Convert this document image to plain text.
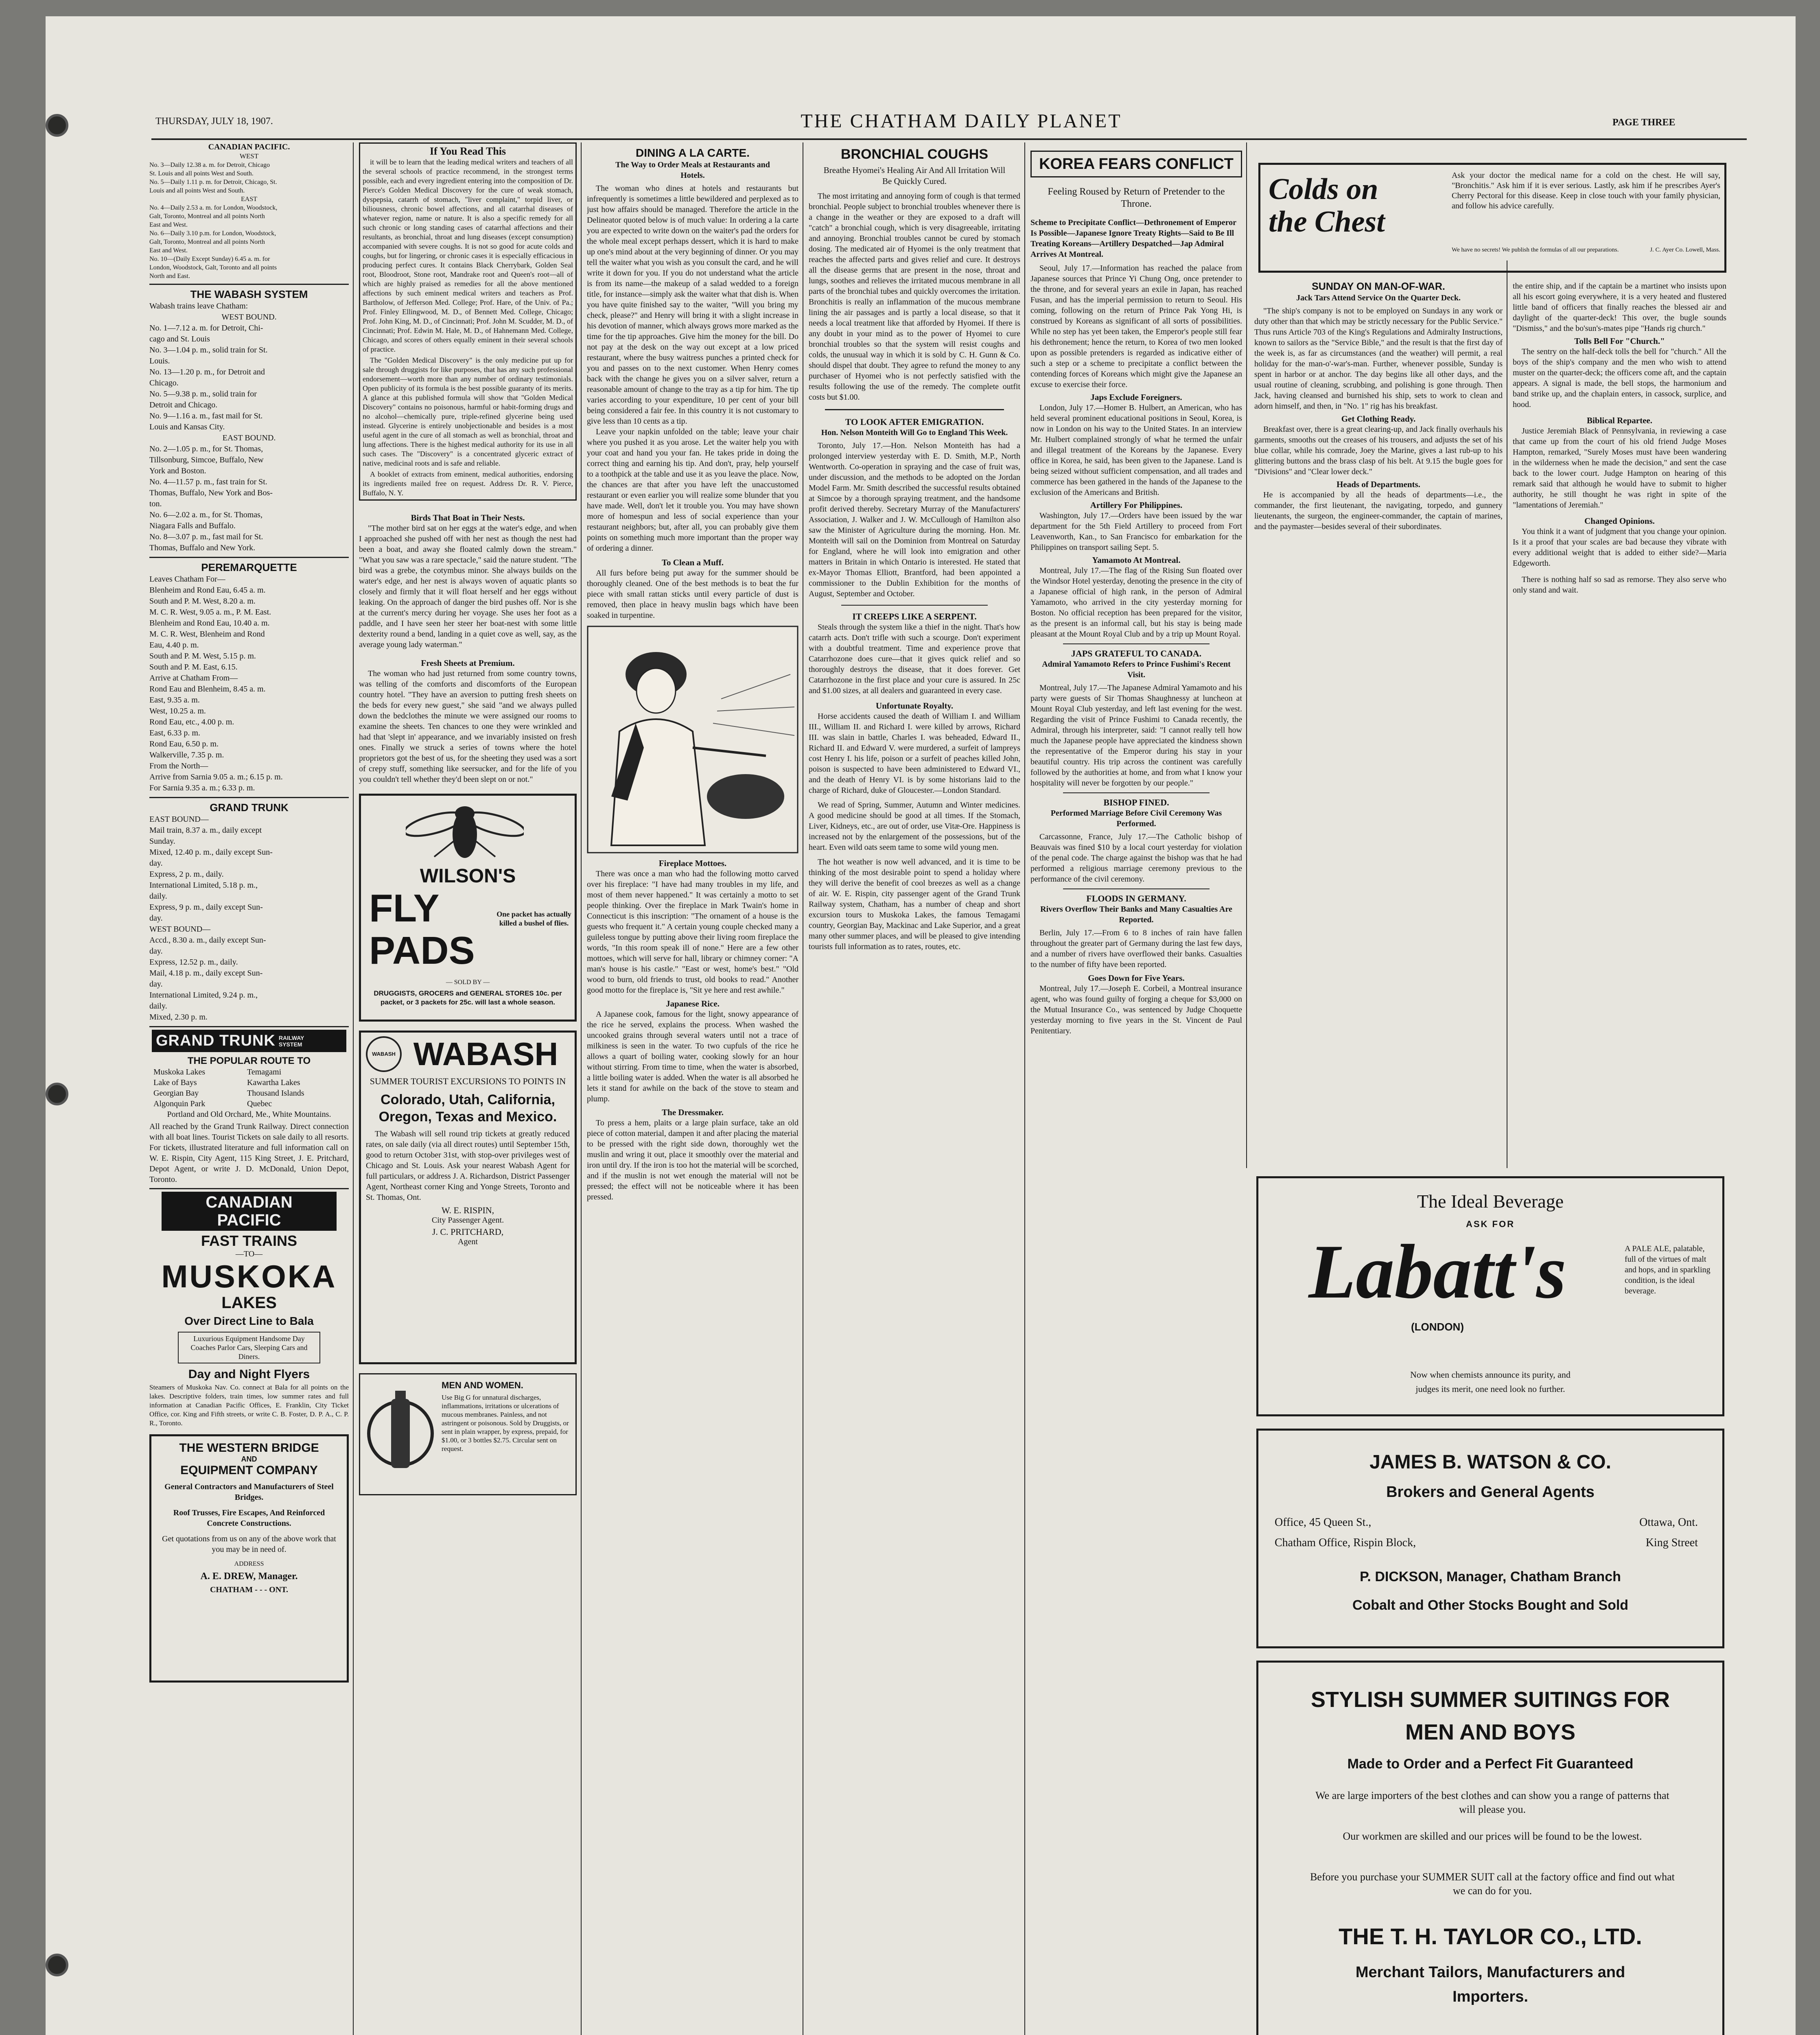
THURSDAY, JULY 18, 1907.	THE CHATHAM DAILY PLANET	PAGE THREE
CANADIAN PACIFIC.
WEST
No. 3—Daily 12.38 a. m. for Detroit, Chicago
St. Louis and all points West and South.
No. 5—Daily 1.11 p. m. for Detroit, Chicago, St.
Louis and all points West and South.
EAST
No. 4—Daily 2.53 a. m. for London, Woodstock,
Galt, Toronto, Montreal and all points North
East and West.
No. 6—Daily 3.10 p.m. for London, Woodstock,
Galt, Toronto, Montreal and all points North
East and West.
No. 10—(Daily Except Sunday) 6.45 a. m. for
London, Woodstock, Galt, Toronto and all points
North and East.
THE WABASH SYSTEM
Wabash trains leave Chatham:
WEST BOUND.
No. 1—7.12 a. m. for Detroit, Chi-
cago and St. Louis
No. 3—1.04 p. m., solid train for St.
Louis.
No. 13—1.20 p. m., for Detroit and
Chicago.
No. 5—9.38 p. m., solid train for
Detroit and Chicago.
No. 9—1.16 a. m., fast mail for St.
Louis and Kansas City.
EAST BOUND.
No. 2—1.05 p. m., for St. Thomas,
Tillsonburg, Simcoe, Buffalo, New
York and Boston.
No. 4—11.57 p. m., fast train for St.
Thomas, Buffalo, New York and Bos-
ton.
No. 6—2.02 a. m., for St. Thomas,
Niagara Falls and Buffalo.
No. 8—3.07 p. m., fast mail for St.
Thomas, Buffalo and New York.
PEREMARQUETTE
Leaves Chatham For—
Blenheim and Rond Eau, 6.45 a. m.
South and P. M. West, 8.20 a. m.
M. C. R. West, 9.05 a. m., P. M. East.
Blenheim and Rond Eau, 10.40 a. m.
M. C. R. West, Blenheim and Rond
Eau, 4.40 p. m.
South and P. M. West, 5.15 p. m.
South and P. M. East, 6.15.
Arrive at Chatham From—
Rond Eau and Blenheim, 8.45 a. m.
East, 9.35 a. m.
West, 10.25 a. m.
Rond Eau, etc., 4.00 p. m.
East, 6.33 p. m.
Rond Eau, 6.50 p. m.
Walkerville, 7.35 p. m.
From the North—
Arrive from Sarnia 9.05 a. m.; 6.15 p. m.
For Sarnia 9.35 a. m.; 6.33 p. m.
GRAND TRUNK
EAST BOUND—
Mail train, 8.37 a. m., daily except
Sunday.
Mixed, 12.40 p. m., daily except Sun-
day.
Express, 2 p. m., daily.
International Limited, 5.18 p. m.,
daily.
Express, 9 p. m., daily except Sun-
day.
WEST BOUND—
Accd., 8.30 a. m., daily except Sun-
day.
Express, 12.52 p. m., daily.
Mail, 4.18 p. m., daily except Sun-
day.
International Limited, 9.24 p. m.,
daily.
Mixed, 2.30 p. m.
GRAND TRUNK RAILWAY SYSTEM
THE POPULAR ROUTE TO
Muskoka Lakes
Lake of Bays
Georgian Bay
Algonquin Park
Temagami
Kawartha Lakes
Thousand Islands
Quebec
Portland and Old Orchard, Me., White Mountains.
All reached by the Grand Trunk Railway. Direct connection with all boat lines. Tourist Tickets on sale daily to all resorts. For tickets, illustrated literature and full information call on W. E. Rispin, City Agent, 115 King Street, J. E. Pritchard, Depot Agent, or write J. D. McDonald, Union Depot, Toronto.
CANADIAN
PACIFIC
FAST TRAINS
—TO—
MUSKOKA
LAKES
Over Direct Line to Bala
Luxurious Equipment Handsome Day Coaches Parlor Cars, Sleeping Cars and Diners.
Day and Night Flyers
Steamers of Muskoka Nav. Co. connect at Bala for all points on the lakes. Descriptive folders, train times, low summer rates and full information at Canadian Pacific Offices, E. Franklin, City Ticket Office, cor. King and Fifth streets, or write C. B. Foster, D. P. A., C. P. R., Toronto.
THE WESTERN BRIDGE
AND
EQUIPMENT COMPANY
General Contractors and Manufacturers of Steel Bridges.
Roof Trusses, Fire Escapes, And Reinforced Concrete Constructions.
Get quotations from us on any of the above work that you may be in need of.
ADDRESS
A. E. DREW, Manager.
CHATHAM - - - ONT.
If You Read This
it will be to learn that the leading medical writers and teachers of all the several schools of practice recommend, in the strongest terms possible, each and every ingredient entering into the composition of Dr. Pierce's Golden Medical Discovery for the cure of weak stomach, dyspepsia, catarrh of stomach, "liver complaint," torpid liver, or biliousness, chronic bowel affections, and all catarrhal diseases of whatever region, name or nature. It is also a specific remedy for all such chronic or long standing cases of catarrhal affections and their resultants, as bronchial, throat and lung diseases (except consumption) accompanied with severe coughs. It is not so good for acute colds and coughs, but for lingering, or chronic cases it is especially efficacious in producing perfect cures. It contains Black Cherrybark, Golden Seal root, Bloodroot, Stone root, Mandrake root and Queen's root—all of which are highly praised as remedies for all the above mentioned affections by such eminent medical writers and teachers as Prof. Bartholow, of Jefferson Med. College; Prof. Hare, of the Univ. of Pa.; Prof. Finley Ellingwood, M. D., of Bennett Med. College, Chicago; Prof. John King, M. D., of Cincinnati; Prof. John M. Scudder, M. D., of Cincinnati; Prof. Edwin M. Hale, M. D., of Hahnemann Med. College, Chicago, and scores of others equally eminent in their several schools of practice.
The "Golden Medical Discovery" is the only medicine put up for sale through druggists for like purposes, that has any such professional endorsement—worth more than any number of ordinary testimonials. Open publicity of its formula is the best possible guaranty of its merits. A glance at this published formula will show that "Golden Medical Discovery" contains no poisonous, harmful or habit-forming drugs and no alcohol—chemically pure, triple-refined glycerine being used instead. Glycerine is entirely unobjectionable and besides is a most useful agent in the cure of all stomach as well as bronchial, throat and lung affections. There is the highest medical authority for its use in all such cases. The "Discovery" is a concentrated glyceric extract of native, medicinal roots and is safe and reliable.
A booklet of extracts from eminent, medical authorities, endorsing its ingredients mailed free on request. Address Dr. R. V. Pierce, Buffalo, N. Y.
Birds That Boat in Their Nests.
"The mother bird sat on her eggs at the water's edge, and when I approached she pushed off with her nest as though the nest had been a boat, and away she floated calmly down the stream." "What you saw was a rare spectacle," said the nature student. "The bird was a grebe, the cotymbus minor. She always builds on the water's edge, and her nest is always woven of aquatic plants so closely and firmly that it will float herself and her eggs without leaking. On the approach of danger the bird pushes off. Nor is she at the current's mercy during her voyage. She uses her foot as a paddle, and I have seen her steer her boat-nest with some little dexterity round a bend, landing in a quiet cove as well, say, as the average young lady waterman."
Fresh Sheets at Premium.
The woman who had just returned from some country towns, was telling of the comforts and discomforts of the European country hotel. "They have an aversion to putting fresh sheets on the beds for every new guest," she said "and we always pulled down the bedclothes the minute we were assigned our rooms to examine the sheets. Ten chances to one they were wrinkled and had that 'slept in' appearance, and we invariably insisted on fresh ones. Finally we struck a series of towns where the hotel proprietors got the best of us, for the sheeting they used was a sort of crepy stuff, something like seersucker, and for the life of you you couldn't tell whether they'd been slept on or not."
WILSON'S
FLY PADS
One packet has actually killed a bushel of flies.
— SOLD BY —
DRUGGISTS, GROCERS and GENERAL STORES 10c. per packet, or 3 packets for 25c. will last a whole season.
WABASH WABASH
SUMMER TOURIST EXCURSIONS TO POINTS IN
Colorado, Utah, California, Oregon, Texas and Mexico.
The Wabash will sell round trip tickets at greatly reduced rates, on sale daily (via all direct routes) until September 15th, good to return October 31st, with stop-over privileges west of Chicago and St. Louis. Ask your nearest Wabash Agent for full particulars, or address J. A. Richardson, District Passenger Agent, Northeast corner King and Yonge Streets, Toronto and St. Thomas, Ont.
W. E. RISPIN,
City Passenger Agent.
J. C. PRITCHARD,
Agent
MEN AND WOMEN.
Use Big G for unnatural discharges, inflammations, irritations or ulcerations of mucous membranes. Painless, and not astringent or poisonous. Sold by Druggists, or sent in plain wrapper, by express, prepaid, for $1.00, or 3 bottles $2.75. Circular sent on request.
DINING A LA CARTE.
The Way to Order Meals at Restaurants and Hotels.
The woman who dines at hotels and restaurants but infrequently is sometimes a little bewildered and perplexed as to just how affairs should be managed. Therefore the article in the Delineator quoted below is of much value: In ordering a la carte you are expected to write down on the waiter's pad the orders for the whole meal except perhaps dessert, which it is hard to make up one's mind about at the very beginning of dinner. Or you may tell the waiter what you wish as you consult the card, and he will write it down for you. If you do not understand what the article is from its name—the makeup of a salad wedded to a foreign title, for instance—simply ask the waiter what that dish is. When you have quite finished say to the waiter, "Will you bring my check, please?" and Henry will bring it with a slight increase in his devotion of manner, which always grows more marked as the time for the tip approaches. Give him the money for the bill. Do not pay at the desk on the way out except at a low priced restaurant, where the busy waitress punches a printed check for you and passes on to the next customer. When Henry comes back with the change he gives you on a silver salver, return a reasonable amount of change to the tray as a tip for him. The tip varies according to your expenditure, 10 per cent of your bill being considered a fair fee. In this country it is not customary to give less than 10 cents as a tip.
Leave your napkin unfolded on the table; leave your chair where you pushed it as you arose. Let the waiter help you with your coat and hand you your fan. He takes pride in doing the correct thing and earning his tip. And don't, pray, help yourself to a toothpick at the table and use it as you leave the place. Now, the chances are that after you have left the unaccustomed restaurant or even earlier you will realize some blunder that you have made. Well, don't let it trouble you. You may have shown more of homespun and less of social experience than your restaurant neighbors; but, after all, you can probably give them points on something much more important than the proper way of ordering a dinner.
To Clean a Muff.
All furs before being put away for the summer should be thoroughly cleaned. One of the best methods is to beat the fur piece with small rattan sticks until every particle of dust is removed, then place in heavy muslin bags which have been soaked in turpentine.
Fireplace Mottoes.
There was once a man who had the following motto carved over his fireplace: "I have had many troubles in my life, and most of them never happened." It was certainly a motto to set people thinking. Over the fireplace in Mark Twain's home in Connecticut is this inscription: "The ornament of a house is the guests who frequent it." A certain young couple checked many a guileless tongue by putting above their living room fireplace the words, "In this room speak ill of none." Here are a few other mottoes, which will serve for hall, library or chimney corner: "A man's house is his castle." "East or west, home's best." "Old wood to burn, old friends to trust, old books to read." Another good motto for the fireplace is, "Sit ye here and rest awhile."
Japanese Rice.
A Japanese cook, famous for the light, snowy appearance of the rice he served, explains the process. When washed the uncooked grains through several waters until not a trace of milkiness is seen in the water. To two cupfuls of the rice he allows a quart of boiling water, cooking slowly for an hour without stirring. From time to time, when the water is absorbed, a little boiling water is added. When the water is all absorbed he lets it stand for awhile on the back of the stove to steam and plump.
The Dressmaker.
To press a hem, plaits or a large plain surface, take an old piece of cotton material, dampen it and after placing the material to be pressed with the right side down, thoroughly wet the muslin and wring it out, place it smoothly over the material and iron until dry. If the iron is too hot the material will be scorched, and if the muslin is not wet enough the material will not be pressed; the effect will not be noticeable where it has been pressed.
BRONCHIAL COUGHS
Breathe Hyomei's Healing Air And All Irritation Will Be Quickly Cured.
The most irritating and annoying form of cough is that termed bronchial. People subject to bronchial troubles whenever there is a change in the weather or they are exposed to a draft will "catch" a bronchial cough, which is very disagreeable, irritating and annoying. Bronchial troubles cannot be cured by stomach dosing. The medicated air of Hyomei is the only treatment that reaches the affected parts and gives relief and cure. It destroys all the disease germs that are present in the nose, throat and lungs, soothes and relieves the irritated mucous membrane in all parts of the bronchial tubes and quickly overcomes the irritation. Bronchitis is really an inflammation of the mucous membrane lining the air passages and is partly a local disease, so that it needs a local treatment like that afforded by Hyomei. If there is any doubt in your mind as to the power of Hyomei to cure bronchial troubles so that the system will resist coughs and colds, the unusual way in which it is sold by C. H. Gunn & Co. should dispel that doubt. They agree to refund the money to any purchaser of Hyomei who is not perfectly satisfied with the results following the use of the remedy. The complete outfit costs but $1.00.
TO LOOK AFTER EMIGRATION.
Hon. Nelson Monteith Will Go to England This Week.
Toronto, July 17.—Hon. Nelson Monteith has had a prolonged interview yesterday with E. D. Smith, M.P., North Wentworth. Co-operation in spraying and the case of fruit was, under discussion, and the methods to be adopted on the Jordan Model Farm. Mr. Smith described the successful results obtained at Simcoe by a thorough spraying treatment, and the handsome profit derived thereby. Secretary Murray of the Manufacturers' Association, J. Walker and J. W. McCullough of Hamilton also saw the Minister of Agriculture during the morning. Hon. Mr. Monteith will sail on the Dominion from Montreal on Saturday for England, where he will look into emigration and other matters in Britain in which Ontario is interested. He stated that ex-Mayor Thomas Elliott, Brantford, had been appointed a commissioner to the Dublin Exhibition for the months of August, September and October.
IT CREEPS LIKE A SERPENT.
Steals through the system like a thief in the night. That's how catarrh acts. Don't trifle with such a scourge. Don't experiment with a doubtful treatment. Time and experience prove that Catarrhozone does cure—that it gives quick relief and so thoroughly destroys the disease, that it does forever. Get Catarrhozone in the first place and your cure is assured. In 25c and $1.00 sizes, at all dealers and guaranteed in every case.
Unfortunate Royalty.
Horse accidents caused the death of William I. and William III., William II. and Richard I. were killed by arrows, Richard III. was slain in battle, Charles I. was beheaded, Edward II., Richard II. and Edward V. were murdered, a surfeit of lampreys cost Henry I. his life, poison or a surfeit of peaches killed John, poison is suspected to have been administered to Edward VI., and the death of Henry VI. is by some historians laid to the charge of Richard, duke of Gloucester.—London Standard.
We read of Spring, Summer, Autumn and Winter medicines. A good medicine should be good at all times. If the Stomach, Liver, Kidneys, etc., are out of order, use Vitæ-Ore. Happiness is increased not by the enlargement of the possessions, but of the heart. Even wild oats seem tame to some wild young men.
The hot weather is now well advanced, and it is time to be thinking of the most desirable point to spend a holiday where they will derive the benefit of cool breezes as well as a change of air. W. E. Rispin, city passenger agent of the Grand Trunk Railway system, Chatham, has a number of cheap and short excursion tours to Muskoka Lakes, the famous Temagami country, Georgian Bay, Mackinac and Lake Superior, and a great many other summer places, and will be pleased to give intending tourists full information as to rates, routes, etc.
KOREA FEARS CONFLICT
Feeling Roused by Return of Pretender to the Throne.
Scheme to Precipitate Conflict—Dethronement of Emperor Is Possible—Japanese Ignore Treaty Rights—Said to Be Ill Treating Koreans—Artillery Despatched—Jap Admiral Arrives At Montreal.
Seoul, July 17.—Information has reached the palace from Japanese sources that Prince Yi Chung Ong, once pretender to the throne, and for several years an exile in Japan, has reached Fusan, and has the imperial permission to return to Seoul. His coming, following on the return of Prince Pak Yong Hi, is construed by Koreans as significant of all sorts of possibilities. While no step has yet been taken, the Emperor's people still fear his dethronement; hence the return, to Korea of two men looked upon as possible pretenders is regarded as indicative either of such a step or a scheme to precipitate a conflict between the contending forces of Koreans which might give the Japanese an excuse to exercise their force.
Japs Exclude Foreigners.
London, July 17.—Homer B. Hulbert, an American, who has held several prominent educational positions in Seoul, Korea, is now in London on his way to the United States. In an interview Mr. Hulbert complained strongly of what he termed the unfair and illegal treatment of the Koreans by the Japanese. Every office in Korea, he said, has been given to the Japanese. Land is being seized without sufficient compensation, and all trades and commerce has been gathered in the hands of the Japanese to the exclusion of the Americans and British.
Artillery For Philippines.
Washington, July 17.—Orders have been issued by the war department for the 5th Field Artillery to proceed from Fort Leavenworth, Kan., to San Francisco for embarkation for the Philippines on transport sailing Sept. 5.
Yamamoto At Montreal.
Montreal, July 17.—The flag of the Rising Sun floated over the Windsor Hotel yesterday, denoting the presence in the city of a Japanese official of high rank, in the person of Admiral Yamamoto, who arrived in the city yesterday morning for Boston. No official reception has been prepared for the visitor, as the present is an informal call, but his stay is being made pleasant at the Mount Royal Club and by a trip up Mount Royal.
JAPS GRATEFUL TO CANADA.
Admiral Yamamoto Refers to Prince Fushimi's Recent Visit.
Montreal, July 17.—The Japanese Admiral Yamamoto and his party were guests of Sir Thomas Shaughnessy at luncheon at Mount Royal Club yesterday, and left last evening for the west. Regarding the visit of Prince Fushimi to Canada recently, the Admiral, through his interpreter, said: "I cannot really tell how much the Japanese people have appreciated the kindness shown the representative of the Emperor during his stay in your beautiful country. His trip across the continent was carefully followed by the authorities at home, and from what I know your hospitality will never be forgotten by our people."
BISHOP FINED.
Performed Marriage Before Civil Ceremony Was Performed.
Carcassonne, France, July 17.—The Catholic bishop of Beauvais was fined $10 by a local court yesterday for violation of the penal code. The charge against the bishop was that he had performed a religious marriage ceremony previous to the performance of the civil ceremony.
FLOODS IN GERMANY.
Rivers Overflow Their Banks and Many Casualties Are Reported.
Berlin, July 17.—From 6 to 8 inches of rain have fallen throughout the greater part of Germany during the last few days, and a number of rivers have overflowed their banks. Casualties to the number of fifty have been reported.
Goes Down for Five Years.
Montreal, July 17.—Joseph E. Corbeil, a Montreal insurance agent, who was found guilty of forging a cheque for $3,000 on the Mutual Insurance Co., was sentenced by Judge Choquette yesterday morning to five years in the St. Vincent de Paul Penitentiary.
Colds on
the Chest
Ask your doctor the medical name for a cold on the chest. He will say, "Bronchitis." Ask him if it is ever serious. Lastly, ask him if he prescribes Ayer's Cherry Pectoral for this disease. Keep in close touch with your family physician, and follow his advice carefully.
We have no secrets! We publish the formulas of all our preparations.	J. C. Ayer Co. Lowell, Mass.
SUNDAY ON MAN-OF-WAR.
Jack Tars Attend Service On the Quarter Deck.
"The ship's company is not to be employed on Sundays in any work or duty other than that which may be strictly necessary for the Public Service." Thus runs Article 703 of the King's Regulations and Admiralty Instructions, known to sailors as the "Service Bible," and the result is that the first day of the week is, as far as circumstances (and the weather) will permit, a real holiday for the man-o'-war's-man. Further, whenever possible, Sunday is spent in harbor or at anchor. The day begins like all other days, and the usual routine of cleaning, scrubbing, and polishing is gone through. Then Jack, having cleansed and burnished his ship, sets to work to clean and adorn himself, and then, in "No. 1" rig has his breakfast.
Get Clothing Ready.
Breakfast over, there is a great clearing-up, and Jack finally overhauls his garments, smooths out the creases of his trousers, and adjusts the set of his blue collar, while his comrade, Joey the Marine, gives a last rub-up to his glittering buttons and the brass clasp of his belt. At 9.15 the bugle goes for "Divisions" and "Clear lower deck."
Heads of Departments.
He is accompanied by all the heads of departments—i.e., the commander, the first lieutenant, the navigating, torpedo, and gunnery lieutenants, the surgeon, the engineer-commander, the captain of marines, and the paymaster—besides several of their subordinates.
the entire ship, and if the captain be a martinet who insists upon all his escort going everywhere, it is a very heated and flustered little band of officers that finally reaches the blessed air and daylight of the quarter-deck! This over, the bugle sounds "Dismiss," and the bo'sun's-mates pipe "Hands rig church."
Tolls Bell For "Church."
The sentry on the half-deck tolls the bell for "church." All the boys of the ship's company and the men who wish to attend muster on the quarter-deck; the officers come aft, and the captain appears. A signal is made, the bell stops, the harmonium and band strike up, and the chaplain enters, in cassock, surplice, and hood.
Biblical Repartee.
Justice Jeremiah Black of Pennsylvania, in reviewing a case that came up from the court of his old friend Judge Moses Hampton, remarked, "Surely Moses must have been wandering in the wilderness when he made the decision," and sent the case back to the lower court. Judge Hampton on hearing of this remark said that although he would have to submit to higher authority, he still thought he was right in spite of the "lamentations of Jeremiah."
Changed Opinions.
You think it a want of judgment that you change your opinion. Is it a proof that your scales are bad because they vibrate with every additional weight that is added to either side?—Maria Edgeworth.
There is nothing half so sad as remorse. They also serve who only stand and wait.
The Ideal Beverage
ASK FOR
Labatt's
(LONDON)
A PALE ALE, palatable, full of the virtues of malt and hops, and in sparkling condition, is the ideal beverage.
Now when chemists announce its purity, and
judges its merit, one need look no further.
JAMES B. WATSON & CO.
Brokers and General Agents
Office, 45 Queen St.,	Ottawa, Ont.
Chatham Office, Rispin Block,	King Street
P. DICKSON, Manager, Chatham Branch
Cobalt and Other Stocks Bought and Sold
STYLISH SUMMER SUITINGS FOR
MEN AND BOYS
Made to Order and a Perfect Fit Guaranteed
We are large importers of the best clothes and can show you a range of patterns that will please you.
Our workmen are skilled and our prices will be found to be the lowest.
Before you purchase your SUMMER SUIT call at the factory office and find out what we can do for you.
THE T. H. TAYLOR CO., LTD.
Merchant Tailors, Manufacturers and
Importers.
